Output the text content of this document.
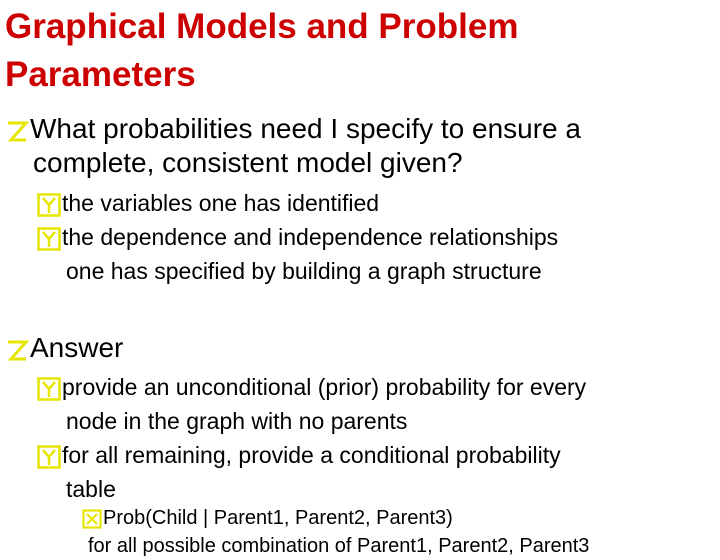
Graphical Models and Problem Parameters
What probabilities need I specify to ensure a
complete, consistent model given?
the variables one has identified
the dependence and independence relationships
one has specified by building a graph structure
Answer
provide an unconditional (prior) probability for every
node in the graph with no parents
for all remaining, provide a conditional probability
table
Prob(Child | Parent1, Parent2, Parent3)
for all possible combination of Parent1, Parent2, Parent3
